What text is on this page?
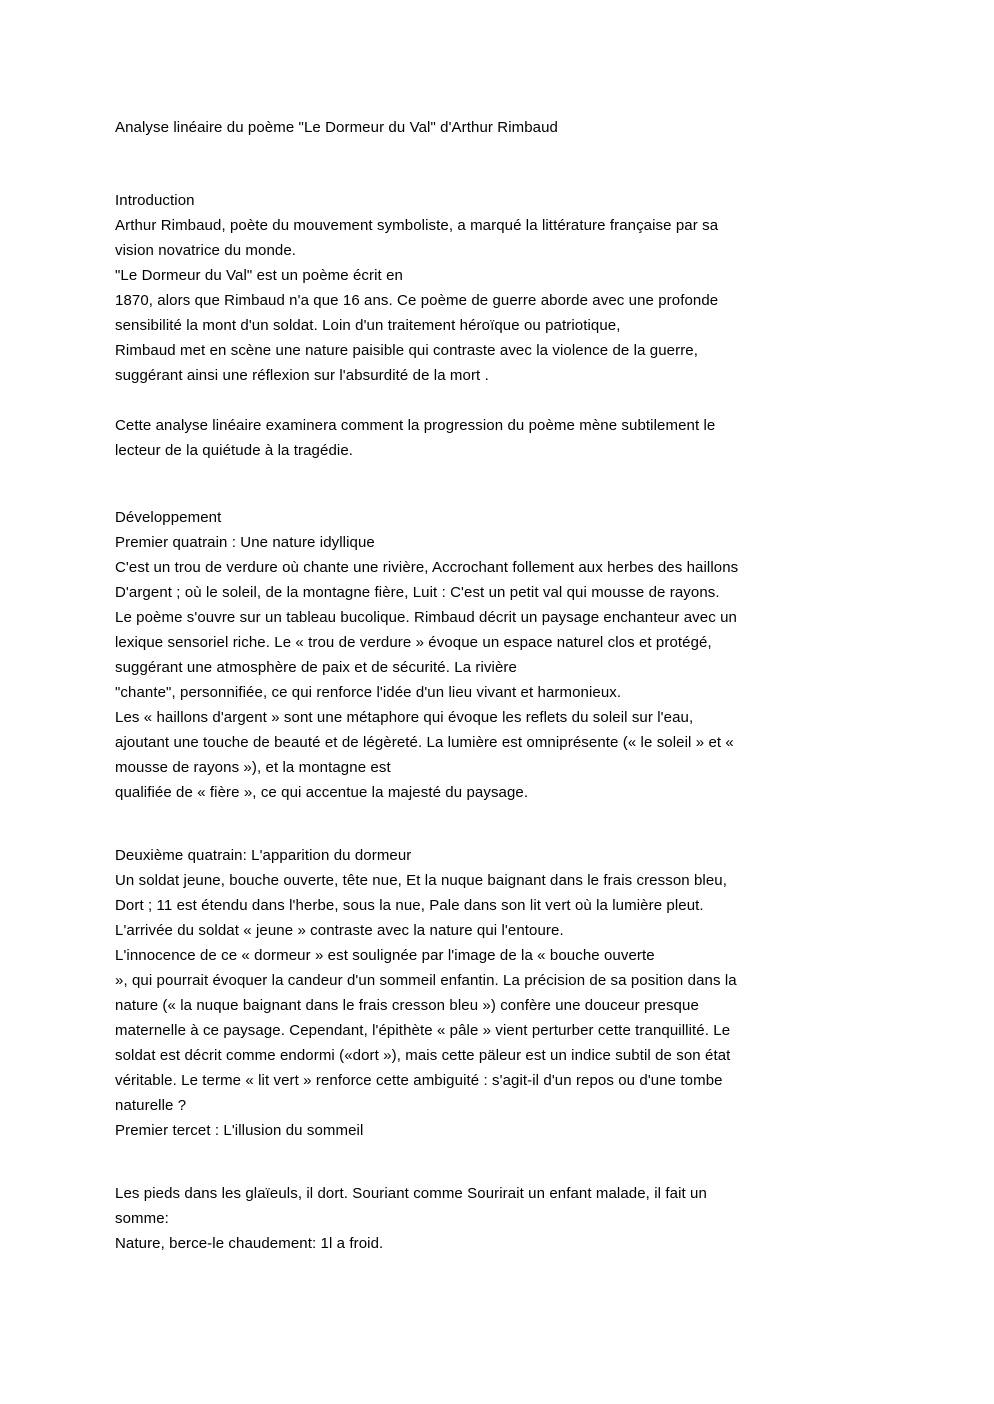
Analyse linéaire du poème "Le Dormeur du Val" d'Arthur Rimbaud
Introduction
Arthur Rimbaud, poète du mouvement symboliste, a marqué la littérature française par sa
vision novatrice du monde.
"Le Dormeur du Val" est un poème écrit en
1870, alors que Rimbaud n'a que 16 ans. Ce poème de guerre aborde avec une profonde
sensibilité la mont d'un soldat. Loin d'un traitement héroïque ou patriotique,
Rimbaud met en scène une nature paisible qui contraste avec la violence de la guerre,
suggérant ainsi une réflexion sur l'absurdité de la mort .
Cette analyse linéaire examinera comment la progression du poème mène subtilement le
lecteur de la quiétude à la tragédie.
Développement
Premier quatrain : Une nature idyllique
C'est un trou de verdure où chante une rivière, Accrochant follement aux herbes des haillons
D'argent ; où le soleil, de la montagne fière, Luit : C'est un petit val qui mousse de rayons.
Le poème s'ouvre sur un tableau bucolique. Rimbaud décrit un paysage enchanteur avec un
lexique sensoriel riche. Le « trou de verdure » évoque un espace naturel clos et protégé,
suggérant une atmosphère de paix et de sécurité. La rivière
"chante", personnifiée, ce qui renforce l'idée d'un lieu vivant et harmonieux.
Les « haillons d'argent » sont une métaphore qui évoque les reflets du soleil sur l'eau,
ajoutant une touche de beauté et de légèreté. La lumière est omniprésente (« le soleil » et «
mousse de rayons »), et la montagne est
qualifiée de « fière », ce qui accentue la majesté du paysage.
Deuxième quatrain: L'apparition du dormeur
Un soldat jeune, bouche ouverte, tête nue, Et la nuque baignant dans le frais cresson bleu,
Dort ; 11 est étendu dans l'herbe, sous la nue, Pale dans son lit vert où la lumière pleut.
L'arrivée du soldat « jeune » contraste avec la nature qui l'entoure.
L'innocence de ce « dormeur » est soulignée par l'image de la « bouche ouverte
», qui pourrait évoquer la candeur d'un sommeil enfantin. La précision de sa position dans la
nature (« la nuque baignant dans le frais cresson bleu ») confère une douceur presque
maternelle à ce paysage. Cependant, l'épithète « pâle » vient perturber cette tranquillité. Le
soldat est décrit comme endormi («dort »), mais cette päleur est un indice subtil de son état
véritable. Le terme « lit vert » renforce cette ambiguité : s'agit-il d'un repos ou d'une tombe
naturelle ?
Premier tercet : L'illusion du sommeil
Les pieds dans les glaïeuls, il dort. Souriant comme Sourirait un enfant malade, il fait un
somme:
Nature, berce-le chaudement: 1l a froid.
